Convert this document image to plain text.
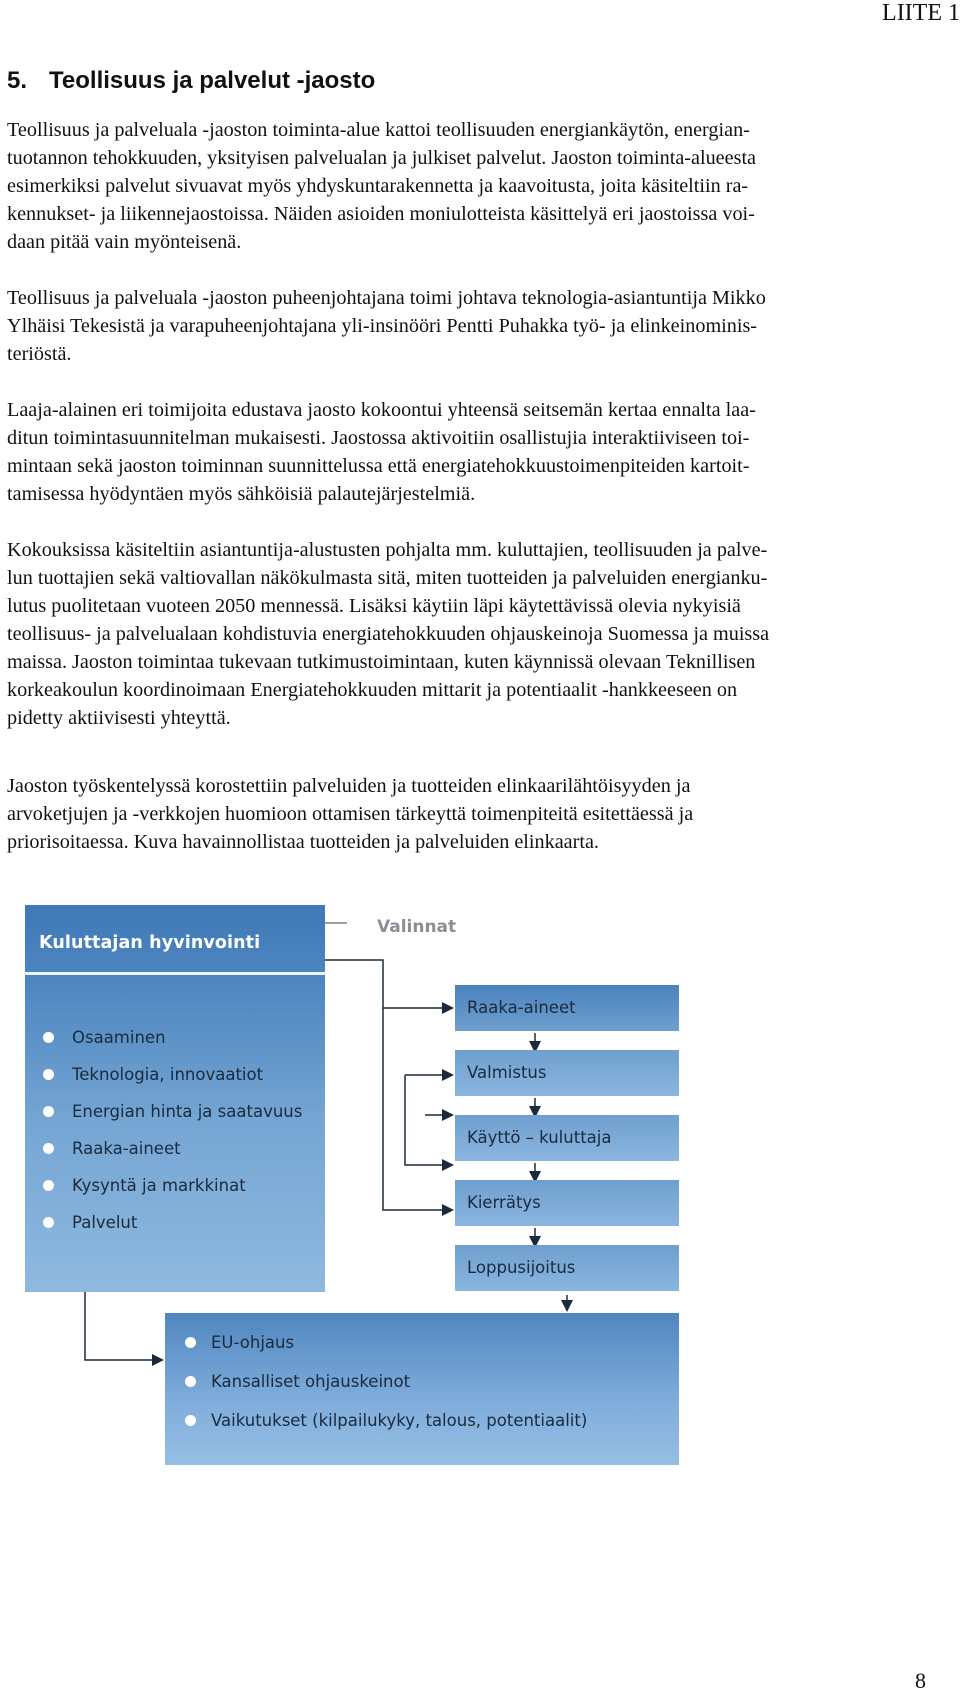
LIITE 1
5. Teollisuus ja palvelut -jaosto

Teollisuus ja palveluala -jaoston toiminta-alue kattoi teollisuuden energiankäytön, energian-
tuotannon tehokkuuden, yksityisen palvelualan ja julkiset palvelut. Jaoston toiminta-alueesta
esimerkiksi palvelut sivuavat myös yhdyskuntarakennetta ja kaavoitusta, joita käsiteltiin ra-
kennukset- ja liikennejaostoissa. Näiden asioiden moniulotteista käsittelyä eri jaostoissa voi-
daan pitää vain myönteisenä.

Teollisuus ja palveluala -jaoston puheenjohtajana toimi johtava teknologia-asiantuntija Mikko
Ylhäisi Tekesistä ja varapuheenjohtajana yli-insinööri Pentti Puhakka työ- ja elinkeinominis-
teriöstä.

Laaja-alainen eri toimijoita edustava jaosto kokoontui yhteensä seitsemän kertaa ennalta laa-
ditun toimintasuunnitelman mukaisesti. Jaostossa aktivoitiin osallistujia interaktiiviseen toi-
mintaan sekä jaoston toiminnan suunnittelussa että energiatehokkuustoimenpiteiden kartoit-
tamisessa hyödyntäen myös sähköisiä palautejärjestelmiä.

Kokouksissa käsiteltiin asiantuntija-alustusten pohjalta mm. kuluttajien, teollisuuden ja palve-
lun tuottajien sekä valtiovallan näkökulmasta sitä, miten tuotteiden ja palveluiden energianku-
lutus puolitetaan vuoteen 2050 mennessä. Lisäksi käytiin läpi käytettävissä olevia nykyisiä
teollisuus- ja palvelualaan kohdistuvia energiatehokkuuden ohjauskeinoja Suomessa ja muissa
maissa. Jaoston toimintaa tukevaan tutkimustoimintaan, kuten käynnissä olevaan Teknillisen
korkeakoulun koordinoimaan Energiatehokkuuden mittarit ja potentiaalit -hankkeeseen on
pidetty aktiivisesti yhteyttä.

Jaoston työskentelyssä korostettiin palveluiden ja tuotteiden elinkaarilähtöisyyden ja
arvoketjujen ja -verkkojen huomioon ottamisen tärkeyttä toimenpiteitä esitettäessä ja
priorisoitaessa. Kuva havainnollistaa tuotteiden ja palveluiden elinkaarta.

Kuluttajan hyvinvointi
Osaaminen
Teknologia, innovaatiot
Energian hinta ja saatavuus
Raaka-aineet
Kysyntä ja markkinat
Palvelut
Valinnat
Raaka-aineet
Valmistus
Käyttö – kuluttaja
Kierrätys
Loppusijoitus
EU-ohjaus
Kansalliset ohjauskeinot
Vaikutukset (kilpailukyky, talous, potentiaalit)
8
